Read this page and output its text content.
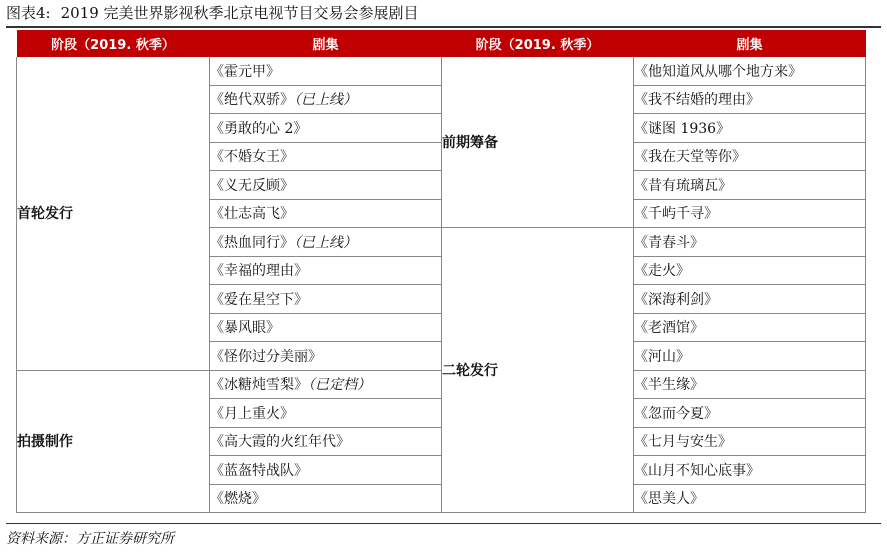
图表4: 2019 完美世界影视秋季北京电视节目交易会参展剧目
阶段（2019. 秋季）	剧集	阶段（2019. 秋季）	剧集
首轮发行	《霍元甲》	前期筹备	《他知道风从哪个地方来》
	《绝代双骄》（已上线）		《我不结婚的理由》
	《勇敢的心 2》		《谜图 1936》
	《不婚女王》		《我在天堂等你》
	《义无反顾》		《昔有琉璃瓦》
	《壮志高飞》		《千屿千寻》
	《热血同行》（已上线）	二轮发行	《青春斗》
	《幸福的理由》		《走火》
	《爱在星空下》		《深海利剑》
	《暴风眼》		《老酒馆》
	《怪你过分美丽》		《河山》
拍摄制作	《冰糖炖雪梨》（已定档）		《半生缘》
	《月上重火》		《忽而今夏》
	《高大霞的火红年代》		《七月与安生》
	《蓝盔特战队》		《山月不知心底事》
	《燃烧》		《思美人》
资料来源：方正证券研究所
